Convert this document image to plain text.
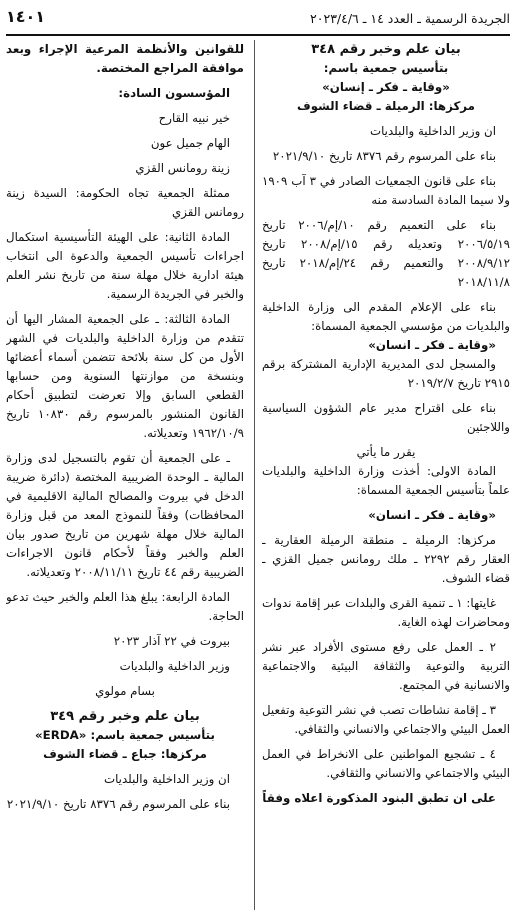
الجريدة الرسمية ـ العدد ١٤ ـ ٢٠٢٣/٤/٦
١٤٠١

بيان علم وخبر رقم ٣٤٨

بتأسيس جمعية باسم:

«وقاية ـ فكر ـ إنسان»

مركزها: الرميلة ـ قضاء الشوف

ان وزير الداخلية والبلديات

بناء على المرسوم رقم ٨٣٧٦ تاريخ ٢٠٢١/٩/١٠

بناء على قانون الجمعيات الصادر في ٣ آب ١٩٠٩ ولا سيما المادة السادسة منه

بناء على التعميم رقم ١٠/إم/٢٠٠٦ تاريخ ٢٠٠٦/٥/١٩ وتعديله رقم ١٥/إم/٢٠٠٨ تاريخ ٢٠٠٨/٩/١٢ والتعميم رقم ٢٤/إم/٢٠١٨ تاريخ ٢٠١٨/١١/٨

بناء على الإعلام المقدم الى وزارة الداخلية والبلديات من مؤسسي الجمعية المسماة:

«وقاية ـ فكر ـ انسان»

والمسجل لدى المديرية الإدارية المشتركة برقم ٢٩١٥ تاريخ ٢٠١٩/٢/٧

بناء على اقتراح مدير عام الشؤون السياسية واللاجئين

يقرر ما يأتي

المادة الاولى: أخذت وزارة الداخلية والبلديات علماً بتأسيس الجمعية المسماة:

«وقاية ـ فكر ـ انسان»

مركزها: الرميلة ـ منطقة الرميلة العقارية ـ العقار رقم ٢٢٩٢ ـ ملك رومانس جميل القزي ـ قضاء الشوف.

غايتها: ١ ـ تنمية القرى والبلدات عبر إقامة ندوات ومحاضرات لهذه الغاية.

٢ ـ العمل على رفع مستوى الأفراد عبر نشر التربية والتوعية والثقافة البيئية والاجتماعية والانسانية في المجتمع.

٣ ـ إقامة نشاطات تصب في نشر التوعية وتفعيل العمل البيئي والاجتماعي والانساني والثقافي.

٤ ـ تشجيع المواطنين على الانخراط في العمل البيئي والاجتماعي والانساني والثقافي.

على ان تطبق البنود المذكورة اعلاه وفقاً

للقوانين والأنظمة المرعية الإجراء وبعد موافقة المراجع المختصة.

المؤسسون السادة:

خير نبيه القارح

الهام جميل عون

زينة رومانس القزي

ممثلة الجمعية تجاه الحكومة: السيدة زينة رومانس القزي

المادة الثانية: على الهيئة التأسيسية استكمال اجراءات تأسيس الجمعية والدعوة الى انتخاب هيئة ادارية خلال مهلة سنة من تاريخ نشر العلم والخبر في الجريدة الرسمية.

المادة الثالثة: ـ على الجمعية المشار اليها أن تتقدم من وزارة الداخلية والبلديات في الشهر الأول من كل سنة بلائحة تتضمن أسماء أعضائها وبنسخة من موازنتها السنوية ومن حسابها القطعي السابق وإلا تعرضت لتطبيق أحكام القانون المنشور بالمرسوم رقم ١٠٨٣٠ تاريخ ١٩٦٢/١٠/٩ وتعديلاته.

ـ على الجمعية أن تقوم بالتسجيل لدى وزارة المالية ـ الوحدة الضريبية المختصة (دائرة ضريبة الدخل في بيروت والمصالح المالية الاقليمية في المحافظات) وفقاً للنموذج المعد من قبل وزارة المالية خلال مهلة شهرين من تاريخ صدور بيان العلم والخبر وفقاً لأحكام قانون الاجراءات الضريبية رقم ٤٤ تاريخ ٢٠٠٨/١١/١١ وتعديلاته.

المادة الرابعة: يبلغ هذا العلم والخبر حيث تدعو الحاجة.

بيروت في ٢٢ آذار ٢٠٢٣

وزير الداخلية والبلديات

بسام مولوي

بيان علم وخبر رقم ٣٤٩

بتأسيس جمعية باسم: «ERDA»

مركزها: جباع ـ قضاء الشوف

ان وزير الداخلية والبلديات

بناء على المرسوم رقم ٨٣٧٦ تاريخ ٢٠٢١/٩/١٠
